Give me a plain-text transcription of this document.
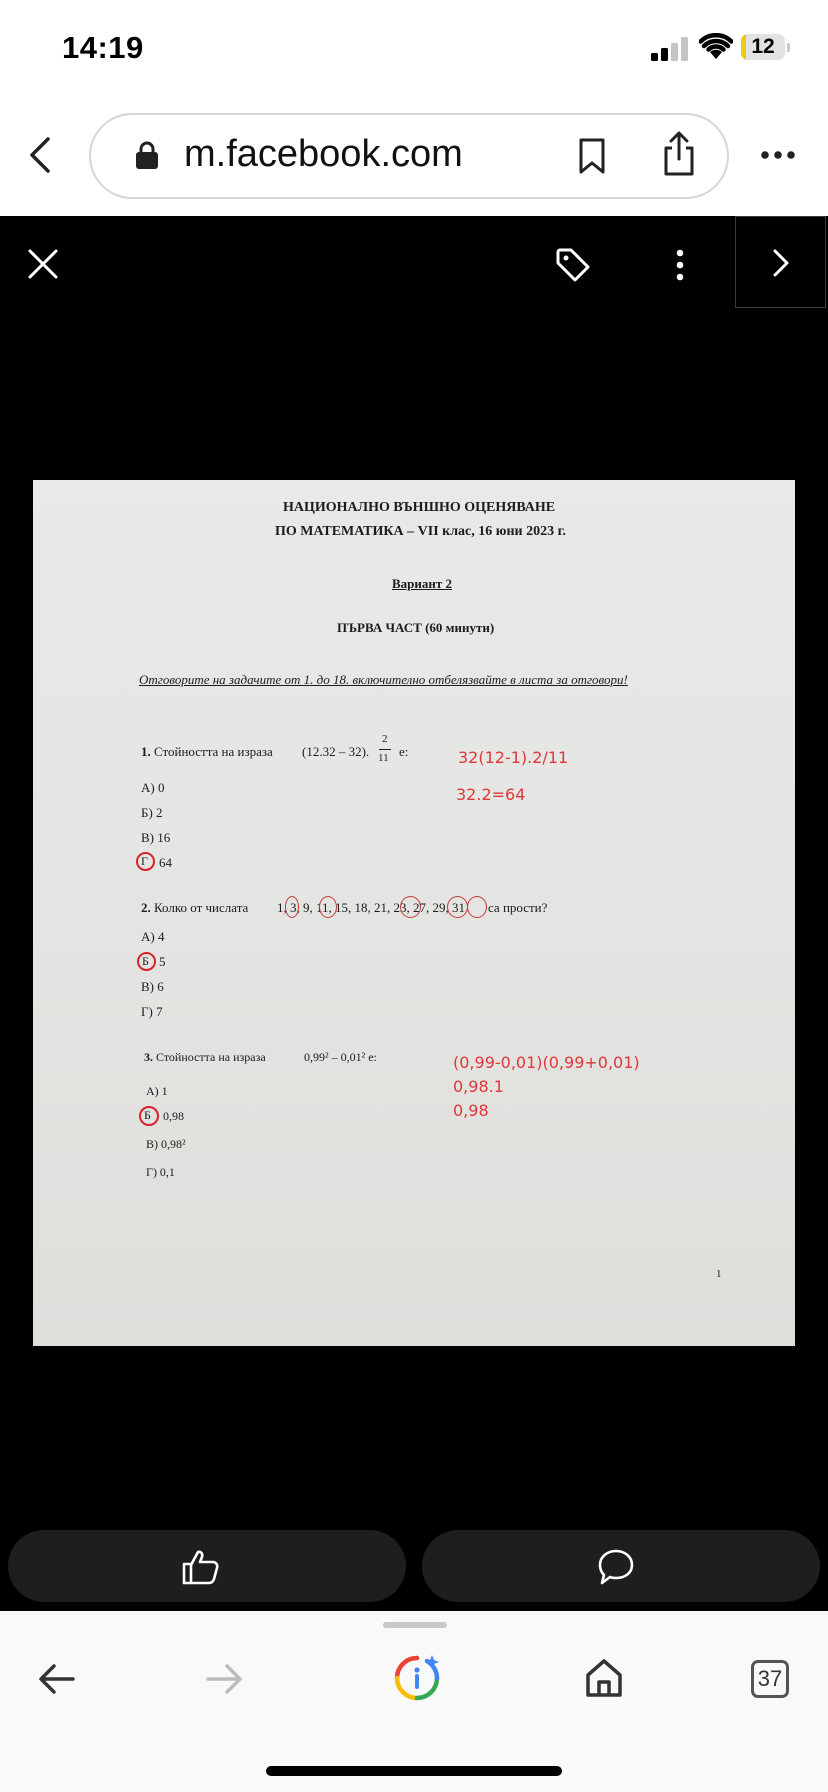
14:19	12
m.facebook.com
НАЦИОНАЛНО ВЪНШНО ОЦЕНЯВАНЕ
ПО МАТЕМАТИКА – VII клас, 16 юни 2023 г.
Вариант 2
ПЪРВА ЧАСТ (60 минути)
Отговорите на задачите от 1. до 18. включително отбелязвайте в листа за отговори!
1. Стойността на израза (12.32 – 32).
2
11 е:
А) 0
Б) 2
В) 16
Г 64
32(12-1).2/11
32.2=64
2. Колко от числата 1, 3, 9, 11, 15, 18, 21, 23, 27, 29, 31 са прости?
А) 4
Б 5
В) 6
Г) 7
3. Стойността на израза	0,99² – 0,01² е:
А) 1
Б 0,98
В) 0,98²
Г) 0,1
(0,99-0,01)(0,99+0,01)
0,98.1
0,98
1
37
